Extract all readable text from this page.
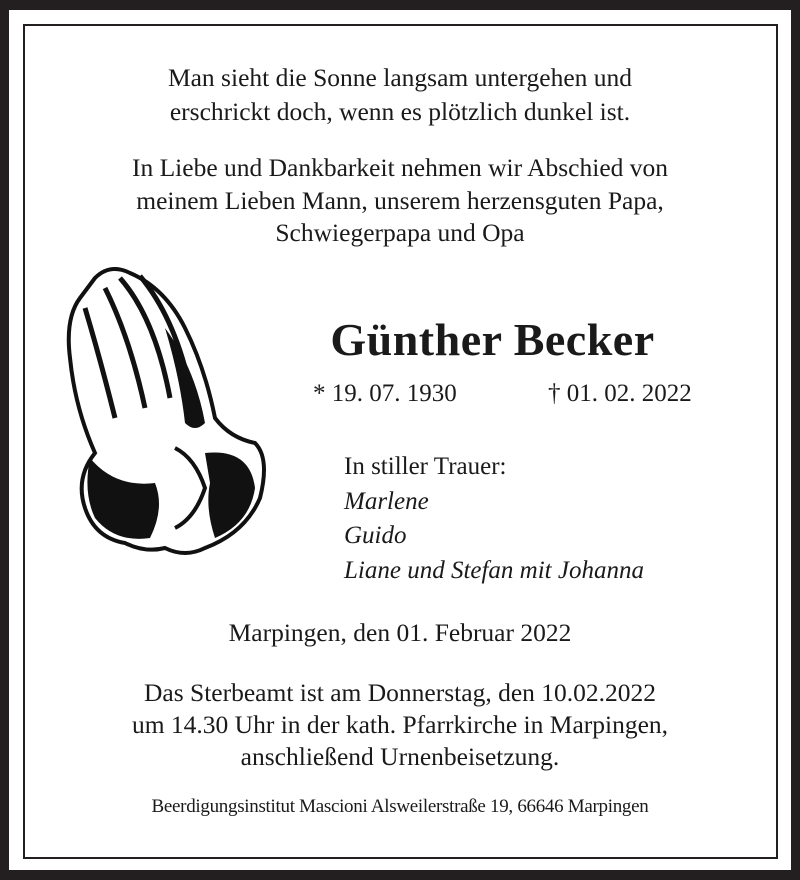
Man sieht die Sonne langsam untergehen und
erschrickt doch, wenn es plötzlich dunkel ist.
In Liebe und Dankbarkeit nehmen wir Abschied von
meinem Lieben Mann, unserem herzensguten Papa,
Schwiegerpapa und Opa
Günther Becker
* 19. 07. 1930	† 01. 02. 2022
In stiller Trauer:
Marlene
Guido
Liane und Stefan mit Johanna
Marpingen, den 01. Februar 2022
Das Sterbeamt ist am Donnerstag, den 10.02.2022
um 14.30 Uhr in der kath. Pfarrkirche in Marpingen,
anschließend Urnenbeisetzung.
Beerdigungsinstitut Mascioni Alsweilerstraße 19, 66646 Marpingen
